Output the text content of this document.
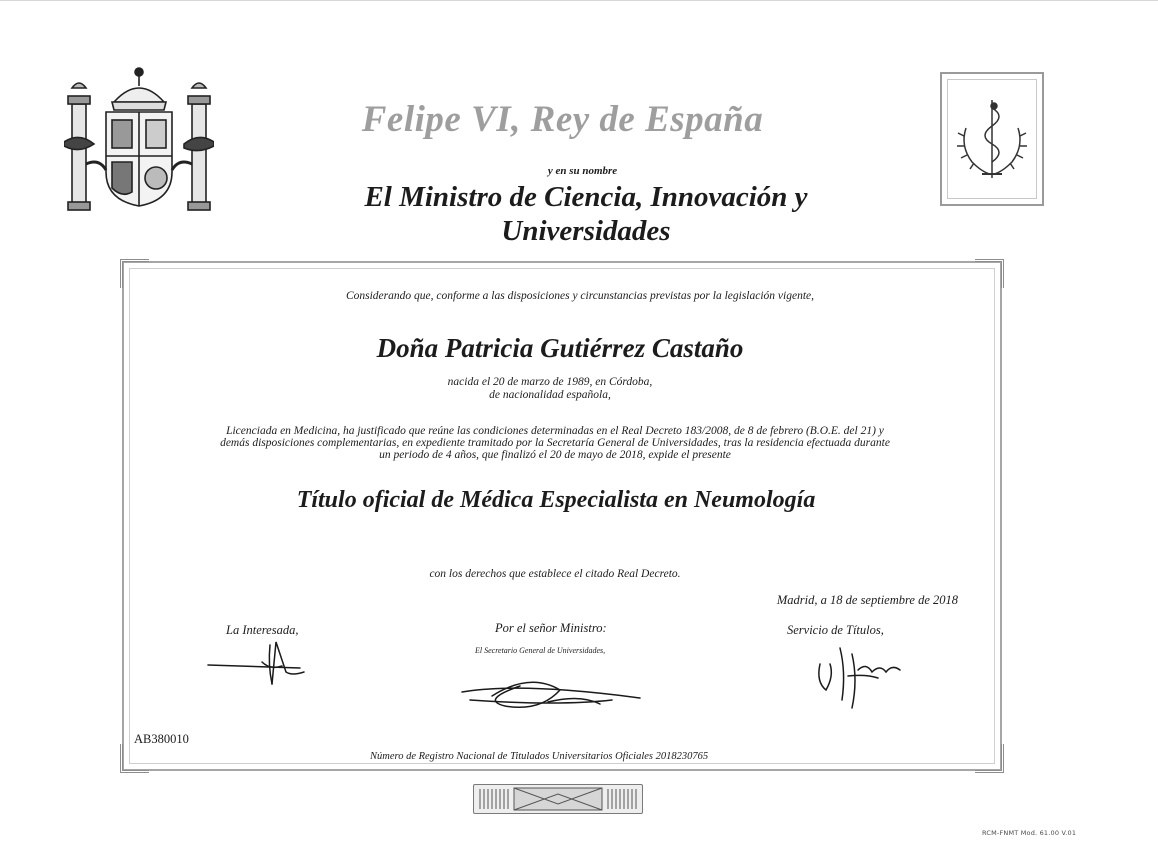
Felipe VI, Rey de España
y en su nombre
El Ministro de Ciencia, Innovación y Universidades
Considerando que, conforme a las disposiciones y circunstancias previstas por la legislación vigente,
Doña Patricia Gutiérrez Castaño
nacida el 20 de marzo de 1989, en Córdoba,
de nacionalidad española,
Licenciada en Medicina, ha justificado que reúne las condiciones determinadas en el Real Decreto 183/2008, de 8 de febrero (B.O.E. del 21) y
demás disposiciones complementarias, en expediente tramitado por la Secretaría General de Universidades, tras la residencia efectuada durante
un periodo de 4 años, que finalizó el 20 de mayo de 2018, expide el presente
Título oficial de Médica Especialista en Neumología
con los derechos que establece el citado Real Decreto.
Madrid, a 18 de septiembre de 2018
La Interesada,	Por el señor Ministro:
El Secretario General de Universidades,
Servicio de Títulos,
AB380010
Número de Registro Nacional de Titulados Universitarios Oficiales 2018230765
RCM-FNMT Mod. 61.00 V.01
